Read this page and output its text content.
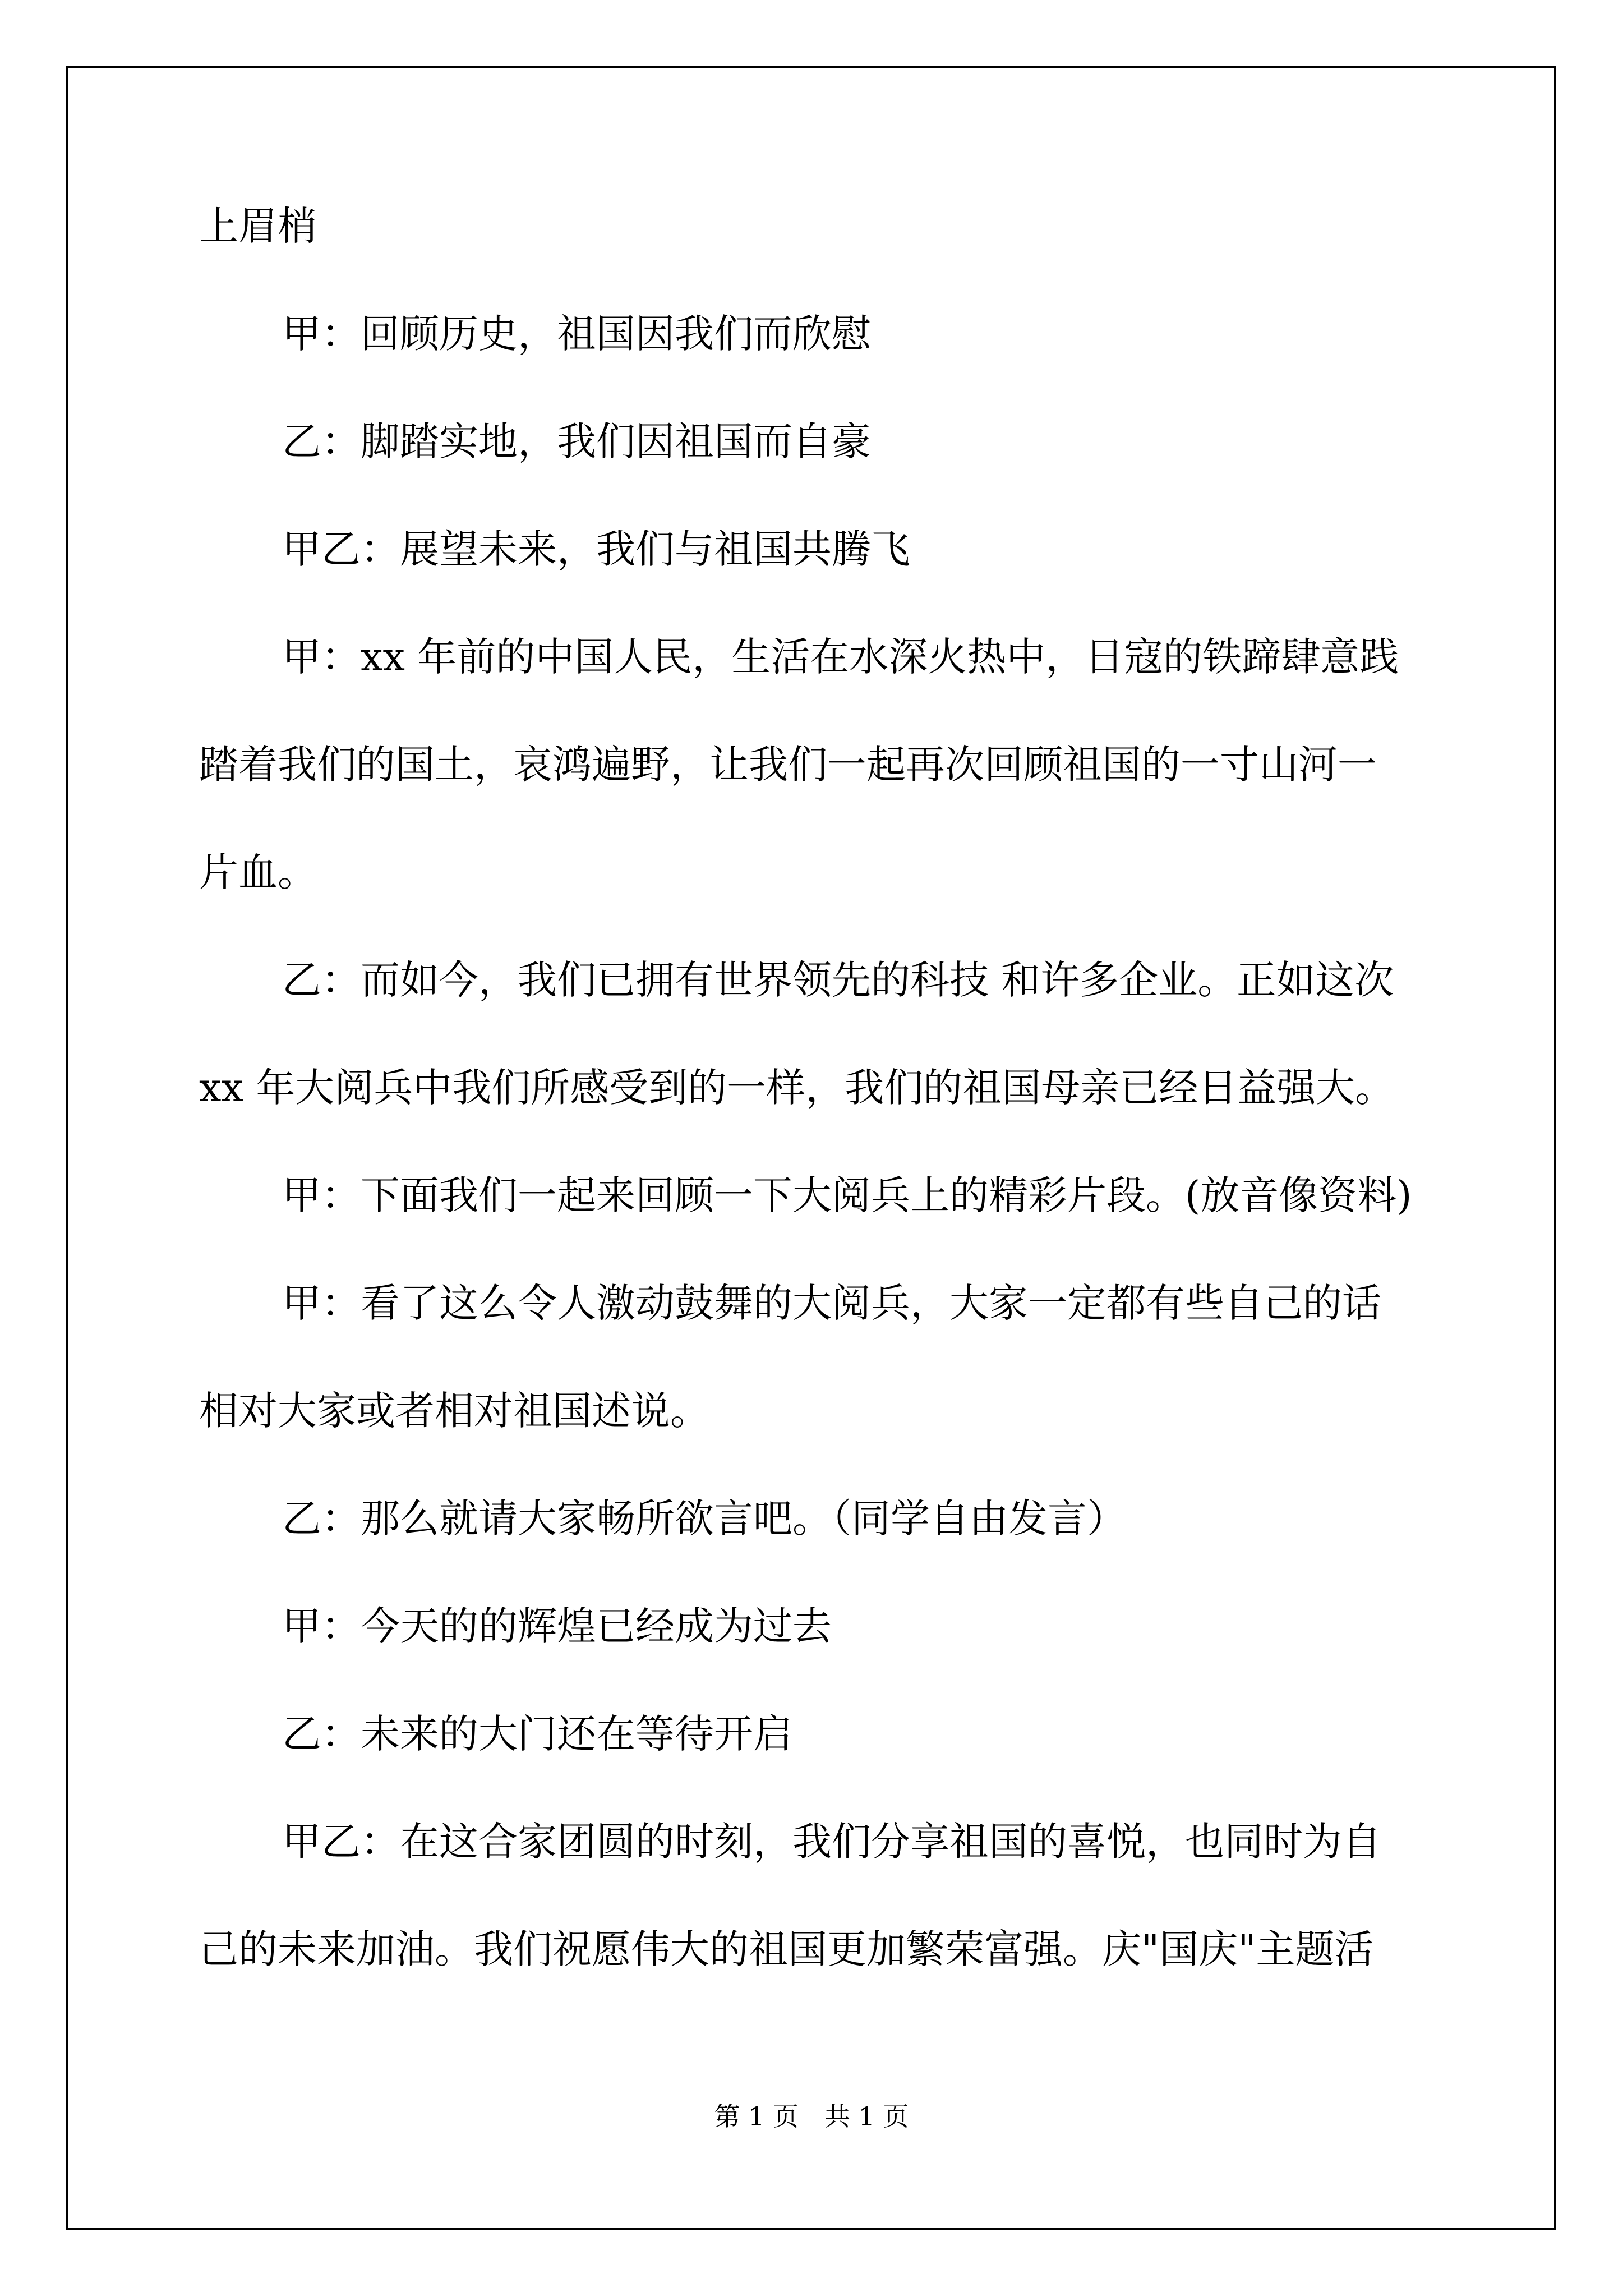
上眉梢
甲：回顾历史，祖国因我们而欣慰
乙：脚踏实地，我们因祖国而自豪
甲乙：展望未来，我们与祖国共腾飞
甲：xx 年前的中国人民，生活在水深火热中，日寇的铁蹄肆意践
踏着我们的国土，哀鸿遍野，让我们一起再次回顾祖国的一寸山河一
片血。
乙：而如今，我们已拥有世界领先的科技 和许多企业。正如这次
xx 年大阅兵中我们所感受到的一样，我们的祖国母亲已经日益强大。
甲：下面我们一起来回顾一下大阅兵上的精彩片段。(放音像资料)
甲：看了这么令人激动鼓舞的大阅兵，大家一定都有些自己的话
相对大家或者相对祖国述说。
乙：那么就请大家畅所欲言吧。（同学自由发言）
甲：今天的的辉煌已经成为过去
乙：未来的大门还在等待开启
甲乙：在这合家团圆的时刻，我们分享祖国的喜悦，也同时为自
己的未来加油。我们祝愿伟大的祖国更加繁荣富强。庆"国庆"主题活
第 1 页　共 1 页
